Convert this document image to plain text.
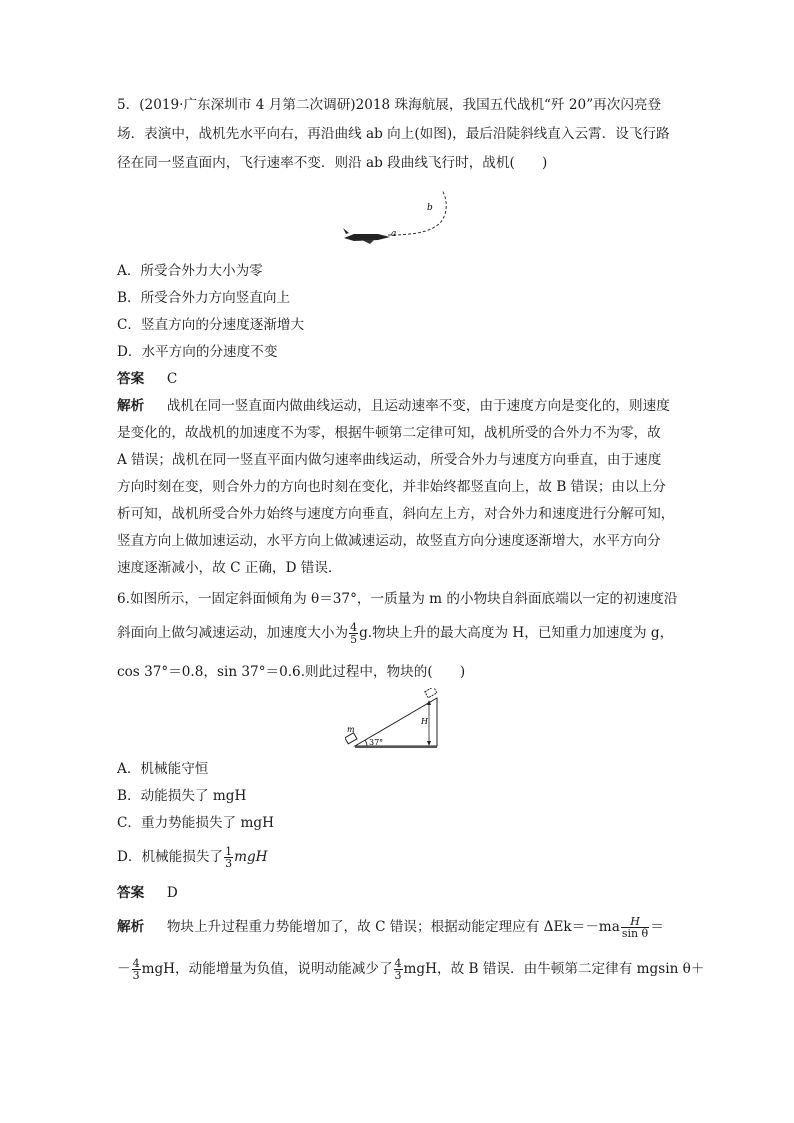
5．(2019·广东深圳市 4 月第二次调研)2018 珠海航展，我国五代战机“歼 20”再次闪亮登
场．表演中，战机先水平向右，再沿曲线 ab 向上(如图)，最后沿陡斜线直入云霄．设飞行路
径在同一竖直面内，飞行速率不变．则沿 ab 段曲线飞行时，战机(　　)
a
b
A．所受合外力大小为零
B．所受合外力方向竖直向上
C．竖直方向的分速度逐渐增大
D．水平方向的分速度不变
答案 C
解析 战机在同一竖直面内做曲线运动，且运动速率不变，由于速度方向是变化的，则速度
是变化的，故战机的加速度不为零，根据牛顿第二定律可知，战机所受的合外力不为零，故
A 错误；战机在同一竖直平面内做匀速率曲线运动，所受合外力与速度方向垂直，由于速度
方向时刻在变，则合外力的方向也时刻在变化，并非始终都竖直向上，故 B 错误；由以上分
析可知，战机所受合外力始终与速度方向垂直，斜向左上方，对合外力和速度进行分解可知，
竖直方向上做加速运动，水平方向上做减速运动，故竖直方向分速度逐渐增大，水平方向分
速度逐渐减小，故 C 正确，D 错误．
6.如图所示，一固定斜面倾角为 θ＝37°，一质量为 m 的小物块自斜面底端以一定的初速度沿
斜面向上做匀减速运动，加速度大小为 $\frac{4}{5} g$.物块上升的最大高度为 H，已知重力加速度为 g，
cos 37°＝0.8，sin 37°＝0.6.则此过程中，物块的(　　)
m
37°
H
A．机械能守恒
B．动能损失了 mgH
C．重力势能损失了 mgH
D．机械能损失了 $\frac{1}{3}$ mgH
答案 D
解析 物块上升过程重力势能增加了，故 C 错误；根据动能定理应有 $\Delta Ek=-ma \frac{H}{\text{sin θ}}$ ＝
－ $\frac{4}{3}$ mgH，动能增量为负值，说明动能减少了 $\frac{4}{3}$ mgH，故 B 错误．由牛顿第二定律有 mgsin θ＋
